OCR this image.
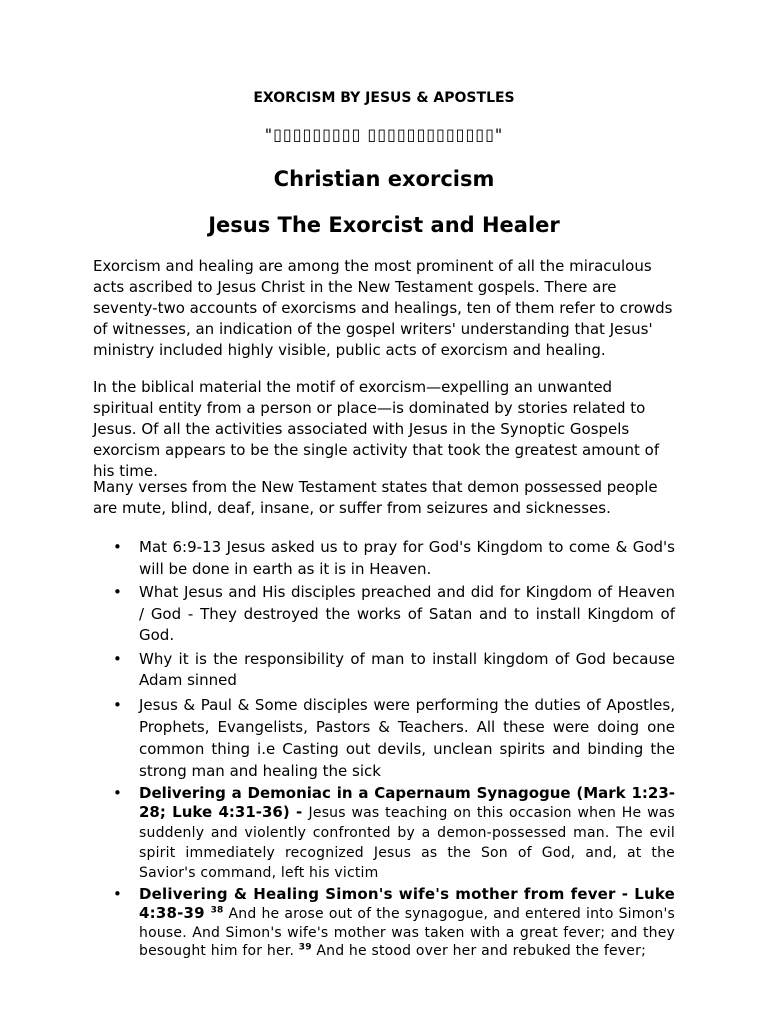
EXORCISM BY JESUS & APOSTLES
"▯▯▯▯▯▯▯▯▯ ▯▯▯▯▯▯▯▯▯▯▯▯▯"
Christian exorcism
Jesus The Exorcist and Healer

Exorcism and healing are among the most prominent of all the miraculous acts ascribed to Jesus Christ in the New Testament gospels. There are seventy-two accounts of exorcisms and healings, ten of them refer to crowds of witnesses, an indication of the gospel writers' understanding that Jesus' ministry included highly visible, public acts of exorcism and healing.

In the biblical material the motif of exorcism—expelling an unwanted spiritual entity from a person or place—is dominated by stories related to Jesus. Of all the activities associated with Jesus in the Synoptic Gospels exorcism appears to be the single activity that took the greatest amount of his time.

Many verses from the New Testament states that demon possessed people are mute, blind, deaf, insane, or suffer from seizures and sicknesses.

• Mat 6:9-13 Jesus asked us to pray for God's Kingdom to come & God's will be done in earth as it is in Heaven.
• What Jesus and His disciples preached and did for Kingdom of Heaven / God - They destroyed the works of Satan and to install Kingdom of God.
• Why it is the responsibility of man to install kingdom of God because Adam sinned
• Jesus & Paul & Some disciples were performing the duties of Apostles, Prophets, Evangelists, Pastors & Teachers. All these were doing one common thing i.e Casting out devils, unclean spirits and binding the strong man and healing the sick
• Delivering a Demoniac in a Capernaum Synagogue (Mark 1:23-28; Luke 4:31-36) - Jesus was teaching on this occasion when He was suddenly and violently confronted by a demon-possessed man. The evil spirit immediately recognized Jesus as the Son of God, and, at the Savior's command, left his victim
• Delivering & Healing Simon's wife's mother from fever - Luke 4:38-39 $^{38}$ And he arose out of the synagogue, and entered into Simon's house. And Simon's wife's mother was taken with a great fever; and they besought him for her. $^{39}$ And he stood over her and rebuked the fever;
